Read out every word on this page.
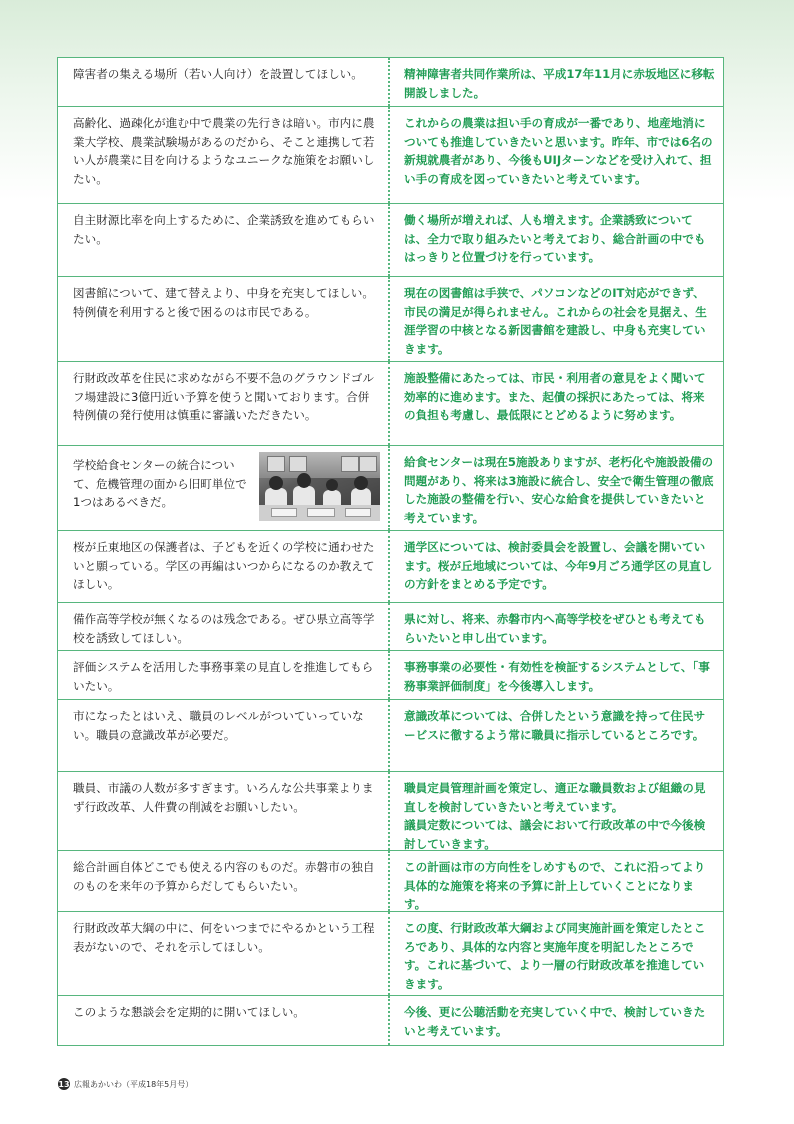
障害者の集える場所（若い人向け）を設置してほしい。	精神障害者共同作業所は、平成17年11月に赤坂地区に移転開設しました。
高齢化、過疎化が進む中で農業の先行きは暗い。市内に農業大学校、農業試験場があるのだから、そこと連携して若い人が農業に目を向けるようなユニークな施策をお願いしたい。
これからの農業は担い手の育成が一番であり、地産地消についても推進していきたいと思います。昨年、市では6名の新規就農者があり、今後もUIJターンなどを受け入れて、担い手の育成を図っていきたいと考えています。
自主財源比率を向上するために、企業誘致を進めてもらいたい。
働く場所が増えれば、人も増えます。企業誘致については、全力で取り組みたいと考えており、総合計画の中でもはっきりと位置づけを行っています。
図書館について、建て替えより、中身を充実してほしい。特例債を利用すると後で困るのは市民である。
現在の図書館は手狭で、パソコンなどのIT対応ができず、市民の満足が得られません。これからの社会を見据え、生涯学習の中核となる新図書館を建設し、中身も充実していきます。
行財政改革を住民に求めながら不要不急のグラウンドゴルフ場建設に3億円近い予算を使うと聞いております。合併特例債の発行使用は慎重に審議いただきたい。
施設整備にあたっては、市民・利用者の意見をよく聞いて効率的に進めます。また、起債の採択にあたっては、将来の負担も考慮し、最低限にとどめるように努めます。
学校給食センターの統合について、危機管理の面から旧町単位で1つはあるべきだ。
給食センターは現在5施設ありますが、老朽化や施設設備の問題があり、将来は3施設に統合し、安全で衛生管理の徹底した施設の整備を行い、安心な給食を提供していきたいと考えています。
桜が丘東地区の保護者は、子どもを近くの学校に通わせたいと願っている。学区の再編はいつからになるのか教えてほしい。
通学区については、検討委員会を設置し、会議を開いています。桜が丘地域については、今年9月ごろ通学区の見直しの方針をまとめる予定です。
備作高等学校が無くなるのは残念である。ぜひ県立高等学校を誘致してほしい。
県に対し、将来、赤磐市内へ高等学校をぜひとも考えてもらいたいと申し出ています。
評価システムを活用した事務事業の見直しを推進してもらいたい。
事務事業の必要性・有効性を検証するシステムとして、「事務事業評価制度」を今後導入します。
市になったとはいえ、職員のレベルがついていっていない。職員の意識改革が必要だ。
意識改革については、合併したという意識を持って住民サービスに徹するよう常に職員に指示しているところです。
職員、市議の人数が多すぎます。いろんな公共事業よりまず行政改革、人件費の削減をお願いしたい。
職員定員管理計画を策定し、適正な職員数および組織の見直しを検討していきたいと考えています。
議員定数については、議会において行政改革の中で今後検討していきます。
総合計画自体どこでも使える内容のものだ。赤磐市の独自のものを来年の予算からだしてもらいたい。
この計画は市の方向性をしめすもので、これに沿ってより具体的な施策を将来の予算に計上していくことになります。
行財政改革大綱の中に、何をいつまでにやるかという工程表がないので、それを示してほしい。
この度、行財政改革大綱および同実施計画を策定したところであり、具体的な内容と実施年度を明記したところです。これに基づいて、より一層の行財政改革を推進していきます。
このような懇談会を定期的に開いてほしい。	今後、更に公聴活動を充実していく中で、検討していきたいと考えています。
13 広報あかいわ（平成18年5月号）
